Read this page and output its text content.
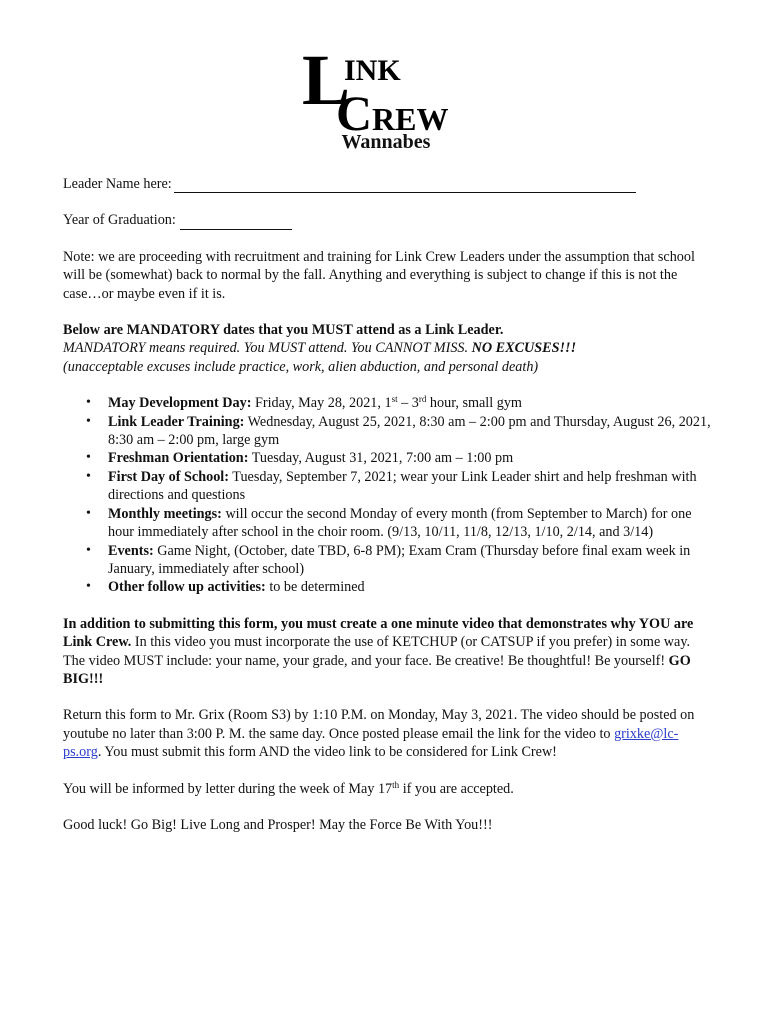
L
INK
C REW
Wannabes

Leader Name here:

Year of Graduation:

Note: we are proceeding with recruitment and training for Link Crew Leaders under the assumption that school will be (somewhat) back to normal by the fall. Anything and everything is subject to change if this is not the case…or maybe even if it is.

Below are MANDATORY dates that you MUST attend as a Link Leader.

MANDATORY means required. You MUST attend. You CANNOT MISS. NO EXCUSES!!!

(unacceptable excuses include practice, work, alien abduction, and personal death)

• May Development Day: Friday, May 28, 2021, 1st – 3rd hour, small gym
• Link Leader Training: Wednesday, August 25, 2021, 8:30 am – 2:00 pm and Thursday, August 26, 2021, 8:30 am – 2:00 pm, large gym
• Freshman Orientation: Tuesday, August 31, 2021, 7:00 am – 1:00 pm
• First Day of School: Tuesday, September 7, 2021; wear your Link Leader shirt and help freshman with directions and questions
• Monthly meetings: will occur the second Monday of every month (from September to March) for one hour immediately after school in the choir room. (9/13, 10/11, 11/8, 12/13, 1/10, 2/14, and 3/14)
• Events: Game Night, (October, date TBD, 6-8 PM); Exam Cram (Thursday before final exam week in January, immediately after school)
• Other follow up activities: to be determined

In addition to submitting this form, you must create a one minute video that demonstrates why YOU are Link Crew. In this video you must incorporate the use of KETCHUP (or CATSUP if you prefer) in some way. The video MUST include: your name, your grade, and your face. Be creative! Be thoughtful! Be yourself! GO BIG!!!

Return this form to Mr. Grix (Room S3) by 1:10 P.M. on Monday, May 3, 2021. The video should be posted on youtube no later than 3:00 P. M. the same day. Once posted please email the link for the video to grixke@lc-ps.org. You must submit this form AND the video link to be considered for Link Crew!

You will be informed by letter during the week of May 17th if you are accepted.

Good luck! Go Big! Live Long and Prosper! May the Force Be With You!!!
